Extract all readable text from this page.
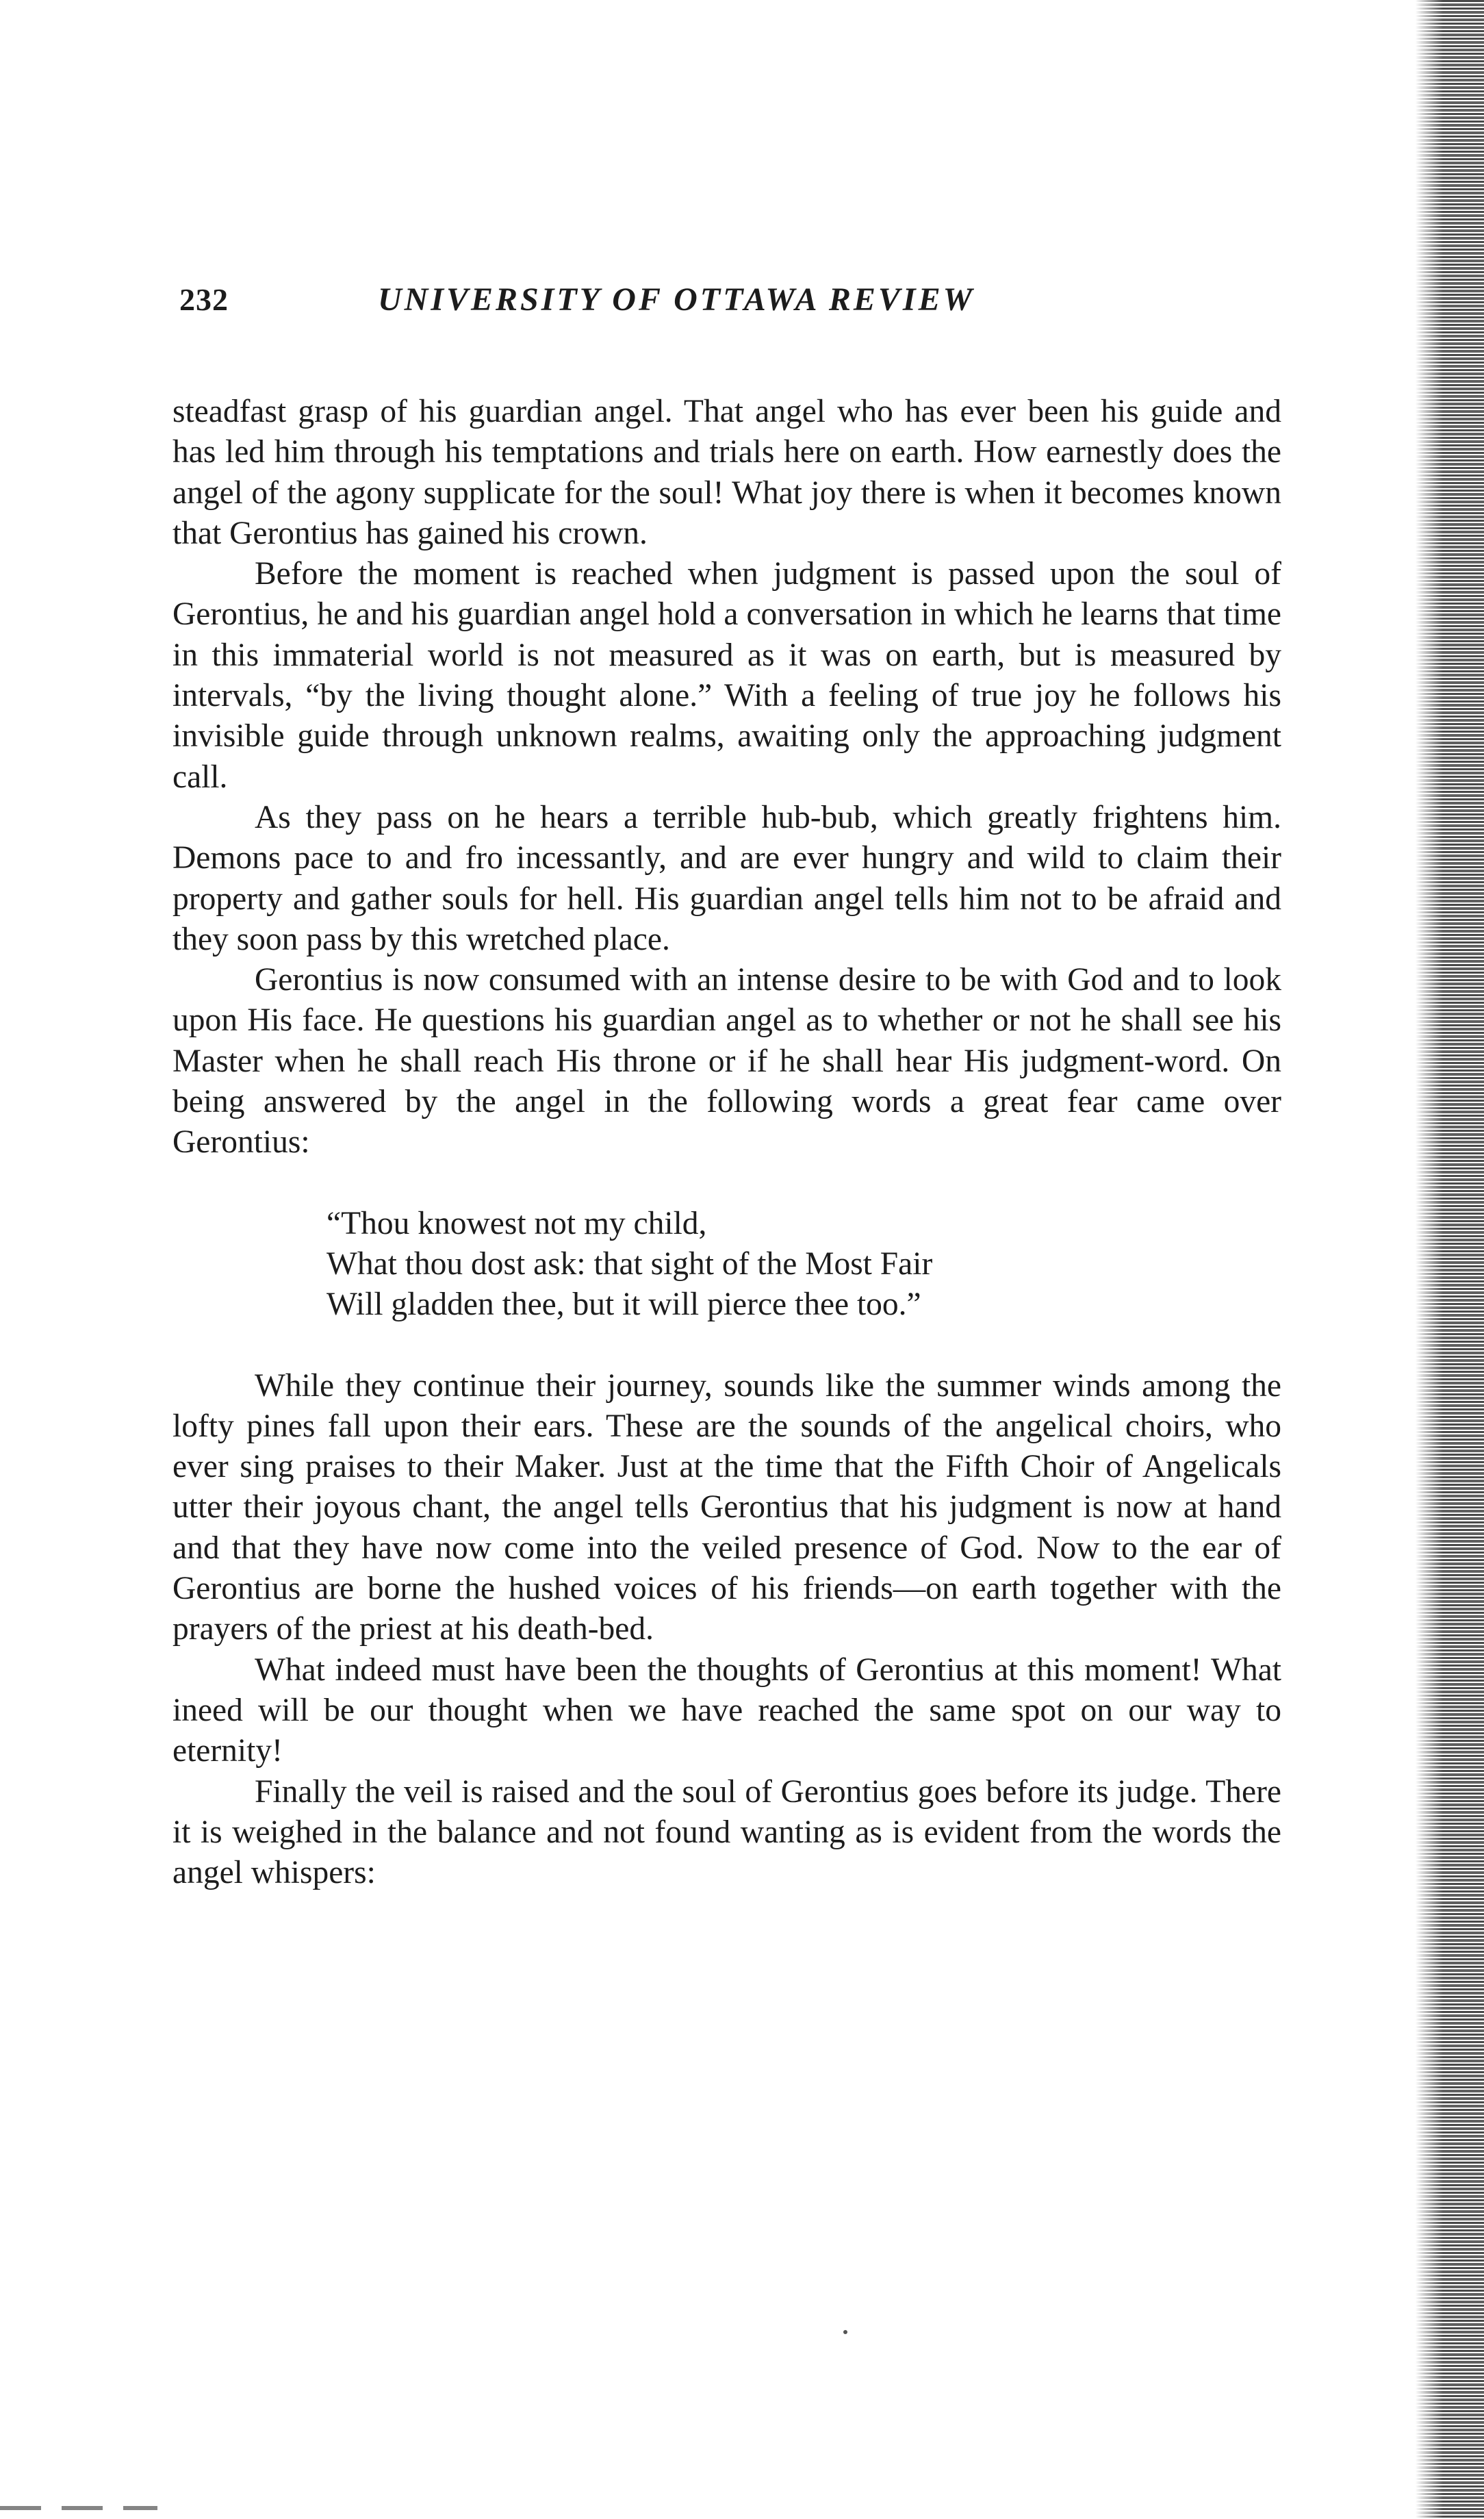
232	UNIVERSITY OF OTTAWA REVIEW

steadfast grasp of his guardian angel. That angel who has ever been his guide and has led him through his temptations and trials here on earth. How earnestly does the angel of the agony supplicate for the soul! What joy there is when it becomes known that Gerontius has gained his crown.

Before the moment is reached when judgment is passed upon the soul of Gerontius, he and his guardian angel hold a conversation in which he learns that time in this immaterial world is not measured as it was on earth, but is measured by intervals, “by the living thought alone.” With a feeling of true joy he follows his invisible guide through unknown realms, awaiting only the approaching judgment call.

As they pass on he hears a terrible hub-bub, which greatly frightens him. Demons pace to and fro incessantly, and are ever hungry and wild to claim their property and gather souls for hell. His guardian angel tells him not to be afraid and they soon pass by this wretched place.

Gerontius is now consumed with an intense desire to be with God and to look upon His face. He questions his guardian angel as to whether or not he shall see his Master when he shall reach His throne or if he shall hear His judgment-word. On being answered by the angel in the following words a great fear came over Gerontius:

“Thou knowest not my child,
What thou dost ask: that sight of the Most Fair
Will gladden thee, but it will pierce thee too.”

While they continue their journey, sounds like the summer winds among the lofty pines fall upon their ears. These are the sounds of the angelical choirs, who ever sing praises to their Maker. Just at the time that the Fifth Choir of Angelicals utter their joyous chant, the angel tells Gerontius that his judgment is now at hand and that they have now come into the veiled presence of God. Now to the ear of Gerontius are borne the hushed voices of his friends—on earth together with the prayers of the priest at his death-bed.

What indeed must have been the thoughts of Gerontius at this moment! What ineed will be our thought when we have reached the same spot on our way to eternity!

Finally the veil is raised and the soul of Gerontius goes before its judge. There it is weighed in the balance and not found wanting as is evident from the words the angel whispers:
